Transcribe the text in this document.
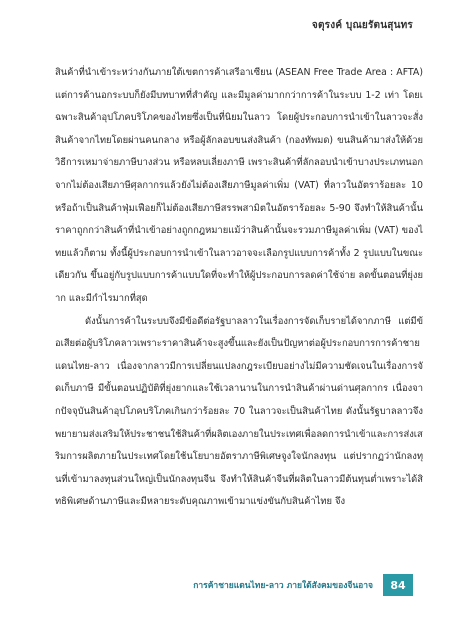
จตุรงค์ บุณยรัตนสุนทร

สินค้าที่นำเข้าระหว่างกันภายใต้เขตการค้าเสรีอาเซียน (ASEAN Free Trade Area : AFTA) แต่การค้านอกระบบก็ยังมีบทบาทที่สำคัญ และมีมูลค่ามากกว่าการค้าในระบบ 1-2 เท่า โดยเฉพาะสินค้าอุปโภคบริโภคของไทยซึ่งเป็นที่นิยมในลาว โดยผู้ประกอบการนำเข้าในลาวจะสั่งสินค้าจากไทยโดยผ่านคนกลาง หรือผู้ลักลอบขนส่งสินค้า (กองทัพมด) ขนสินค้ามาส่งให้ด้วยวิธีการเหมาจ่ายภาษีบางส่วน หรือหลบเลี่ยงภาษี เพราะสินค้าที่ลักลอบนำเข้าบางประเภทนอกจากไม่ต้องเสียภาษีศุลกากรแล้วยังไม่ต้องเสียภาษีมูลค่าเพิ่ม (VAT) ที่ลาวในอัตราร้อยละ 10 หรือถ้าเป็นสินค้าฟุ่มเฟือยก็ไม่ต้องเสียภาษีสรรพสามิตในอัตราร้อยละ 5-90 จึงทำให้สินค้านั้นราคาถูกกว่าสินค้าที่นำเข้าอย่างถูกกฎหมายแม้ว่าสินค้านั้นจะรวมภาษีมูลค่าเพิ่ม (VAT) ของไทยแล้วก็ตาม ทั้งนี้ผู้ประกอบการนำเข้าในลาวอาจจะเลือกรูปแบบการค้าทั้ง 2 รูปแบบในขณะเดียวกัน ขึ้นอยู่กับรูปแบบการค้าแบบใดที่จะทำให้ผู้ประกอบการลดค่าใช้จ่าย ลดขั้นตอนที่ยุ่งยาก และมีกำไรมากที่สุด

ดังนั้นการค้าในระบบจึงมีข้อดีต่อรัฐบาลลาวในเรื่องการจัดเก็บรายได้จากภาษี แต่มีข้อเสียต่อผู้บริโภคลาวเพราะราคาสินค้าจะสูงขึ้นและยังเป็นปัญหาต่อผู้ประกอบการการค้าชายแดนไทย-ลาว เนื่องจากลาวมีการเปลี่ยนแปลงกฎระเบียบอย่างไม่มีความชัดเจนในเรื่องการจัดเก็บภาษี มีขั้นตอนปฏิบัติที่ยุ่งยากและใช้เวลานานในการนำสินค้าผ่านด่านศุลกากร เนื่องจากปัจจุบันสินค้าอุปโภคบริโภคเกินกว่าร้อยละ 70 ในลาวจะเป็นสินค้าไทย ดังนั้นรัฐบาลลาวจึงพยายามส่งเสริมให้ประชาชนใช้สินค้าที่ผลิตเองภายในประเทศเพื่อลดการนำเข้าและการส่งเสริมการผลิตภายในประเทศโดยใช้นโยบายอัตราภาษีพิเศษจูงใจนักลงทุน แต่ปรากฏว่านักลงทุนที่เข้ามาลงทุนส่วนใหญ่เป็นนักลงทุนจีน จึงทำให้สินค้าจีนที่ผลิตในลาวมีต้นทุนต่ำเพราะได้สิทธิพิเศษด้านภาษีและมีหลายระดับคุณภาพเข้ามาแข่งขันกับสินค้าไทย จึง

การค้าชายแดนไทย-ลาว ภายใต้สังคมของจีนอาจ	84
